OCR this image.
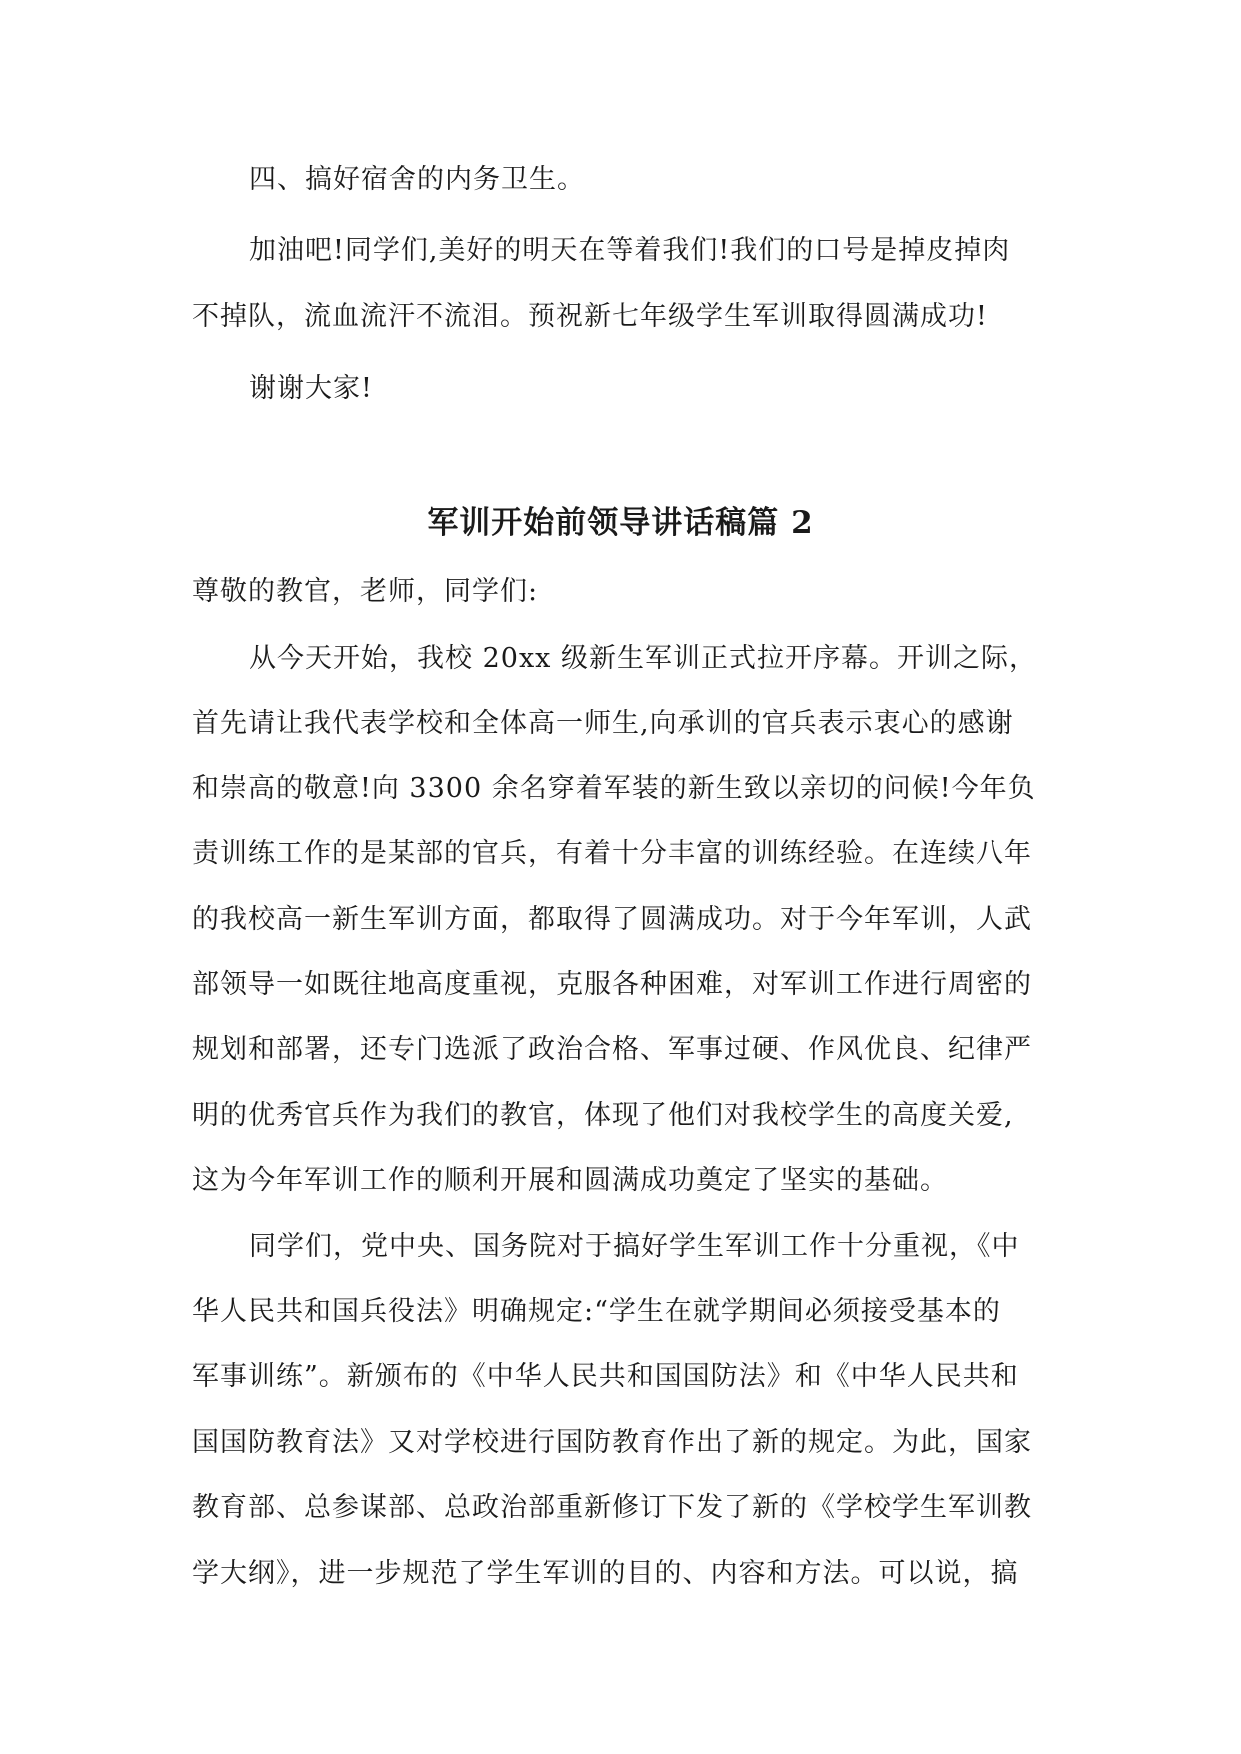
四、搞好宿舍的内务卫生。
加油吧!同学们,美好的明天在等着我们!我们的口号是掉皮掉肉
不掉队，流血流汗不流泪。预祝新七年级学生军训取得圆满成功!
谢谢大家!
军训开始前领导讲话稿篇 2
尊敬的教官，老师，同学们:
从今天开始，我校 20xx 级新生军训正式拉开序幕。开训之际，
首先请让我代表学校和全体高一师生,向承训的官兵表示衷心的感谢
和崇高的敬意!向 3300 余名穿着军装的新生致以亲切的问候!今年负
责训练工作的是某部的官兵，有着十分丰富的训练经验。在连续八年
的我校高一新生军训方面，都取得了圆满成功。对于今年军训，人武
部领导一如既往地高度重视，克服各种困难，对军训工作进行周密的
规划和部署，还专门选派了政治合格、军事过硬、作风优良、纪律严
明的优秀官兵作为我们的教官，体现了他们对我校学生的高度关爱,
这为今年军训工作的顺利开展和圆满成功奠定了坚实的基础。
同学们，党中央、国务院对于搞好学生军训工作十分重视，《中
华人民共和国兵役法》明确规定:“学生在就学期间必须接受基本的
军事训练”。新颁布的《中华人民共和国国防法》和《中华人民共和
国国防教育法》又对学校进行国防教育作出了新的规定。为此，国家
教育部、总参谋部、总政治部重新修订下发了新的《学校学生军训教
学大纲》，进一步规范了学生军训的目的、内容和方法。可以说，搞
